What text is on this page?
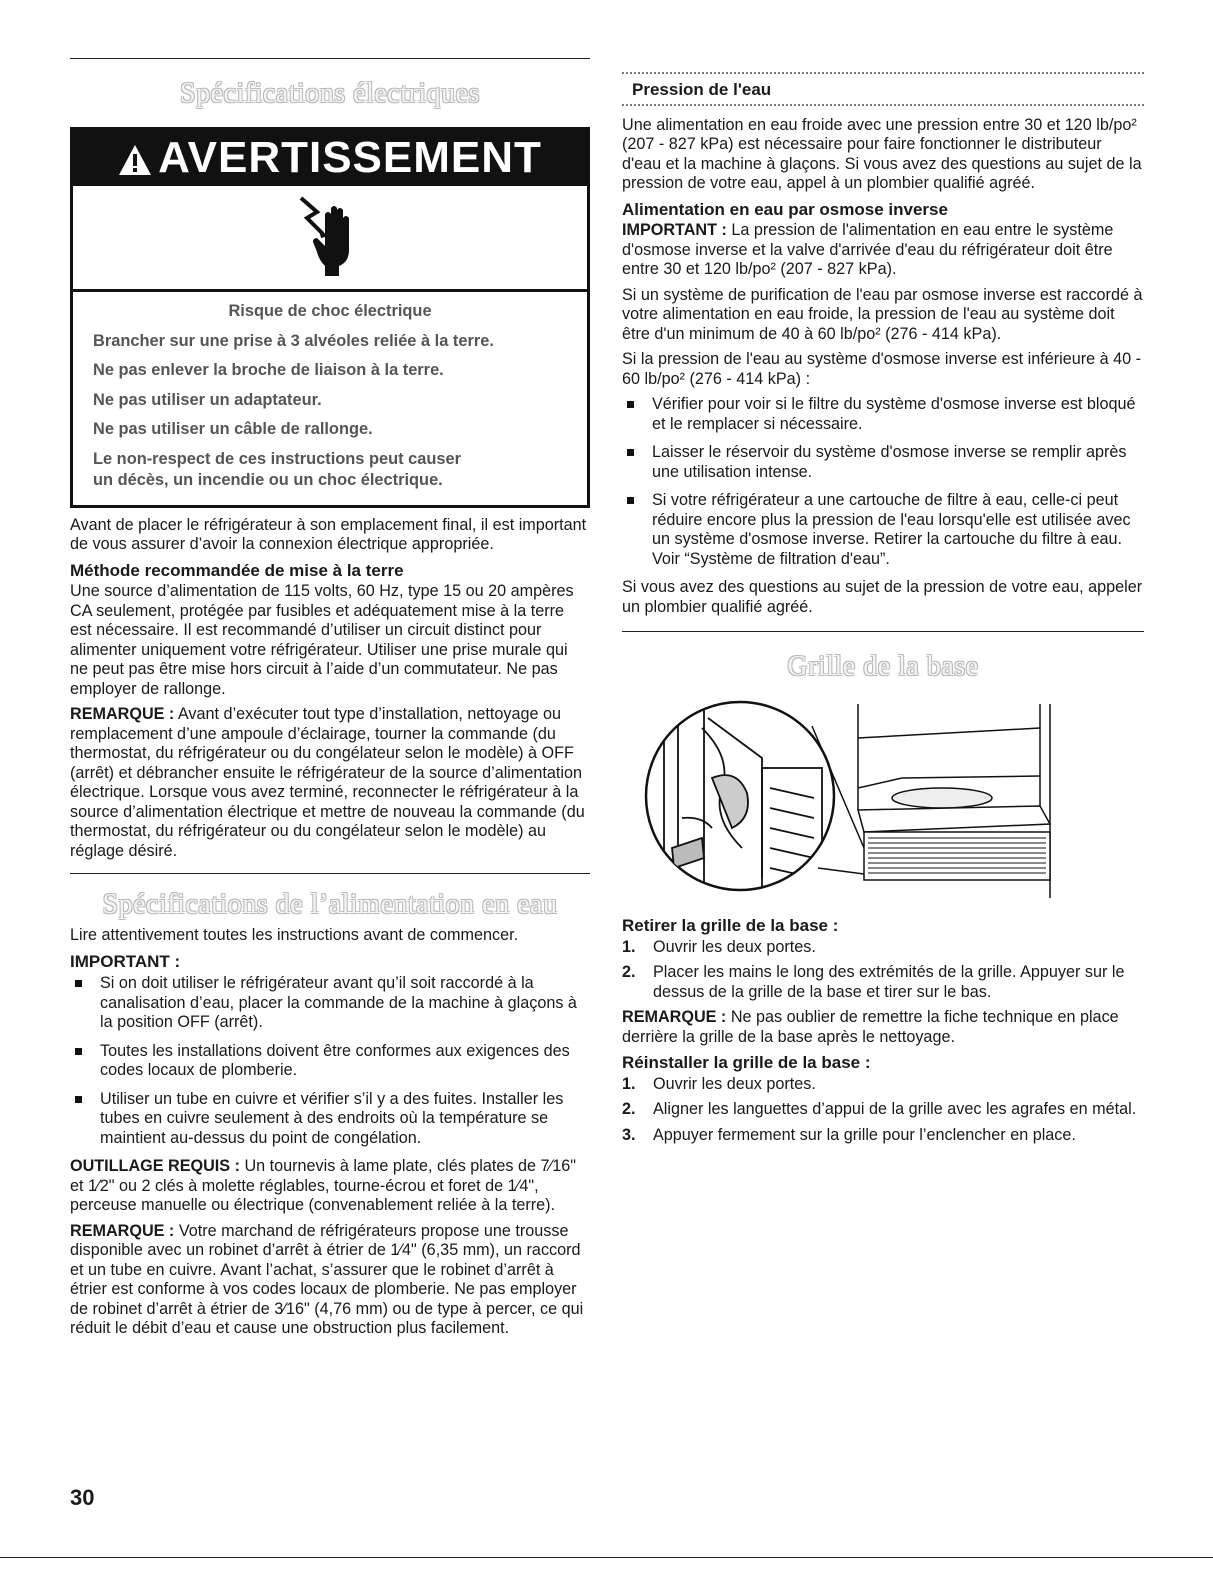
Spécifications électriques
AVERTISSEMENT
Risque de choc électrique
Brancher sur une prise à 3 alvéoles reliée à la terre.
Ne pas enlever la broche de liaison à la terre.
Ne pas utiliser un adaptateur.
Ne pas utiliser un câble de rallonge.
Le non-respect de ces instructions peut causer
un décès, un incendie ou un choc électrique.

Avant de placer le réfrigérateur à son emplacement final, il est important de vous assurer d’avoir la connexion électrique appropriée.

Méthode recommandée de mise à la terre

Une source d’alimentation de 115 volts, 60 Hz, type 15 ou 20 ampères CA seulement, protégée par fusibles et adéquatement mise à la terre est nécessaire. Il est recommandé d’utiliser un circuit distinct pour alimenter uniquement votre réfrigérateur. Utiliser une prise murale qui ne peut pas être mise hors circuit à l’aide d’un commutateur. Ne pas employer de rallonge.

REMARQUE : Avant d’exécuter tout type d’installation, nettoyage ou remplacement d’une ampoule d’éclairage, tourner la commande (du thermostat, du réfrigérateur ou du congélateur selon le modèle) à OFF (arrêt) et débrancher ensuite le réfrigérateur de la source d’alimentation électrique. Lorsque vous avez terminé, reconnecter le réfrigérateur à la source d’alimentation électrique et mettre de nouveau la commande (du thermostat, du réfrigérateur ou du congélateur selon le modèle) au réglage désiré.

Spécifications de l’alimentation en eau

Lire attentivement toutes les instructions avant de commencer.

IMPORTANT :
Si on doit utiliser le réfrigérateur avant qu’il soit raccordé à la canalisation d’eau, placer la commande de la machine à glaçons à la position OFF (arrêt).
Toutes les installations doivent être conformes aux exigences des codes locaux de plomberie.
Utiliser un tube en cuivre et vérifier s’il y a des fuites. Installer les tubes en cuivre seulement à des endroits où la température se maintient au-dessus du point de congélation.

OUTILLAGE REQUIS : Un tournevis à lame plate, clés plates de 7⁄16" et 1⁄2" ou 2 clés à molette réglables, tourne-écrou et foret de 1⁄4", perceuse manuelle ou électrique (convenablement reliée à la terre).

REMARQUE : Votre marchand de réfrigérateurs propose une trousse disponible avec un robinet d’arrêt à étrier de 1⁄4" (6,35 mm), un raccord et un tube en cuivre. Avant l’achat, s’assurer que le robinet d’arrêt à étrier est conforme à vos codes locaux de plomberie. Ne pas employer de robinet d’arrêt à étrier de 3⁄16" (4,76 mm) ou de type à percer, ce qui réduit le débit d’eau et cause une obstruction plus facilement.

Pression de l'eau

Une alimentation en eau froide avec une pression entre 30 et 120 lb/po² (207 - 827 kPa) est nécessaire pour faire fonctionner le distributeur d'eau et la machine à glaçons. Si vous avez des questions au sujet de la pression de votre eau, appel à un plombier qualifié agréé.

Alimentation en eau par osmose inverse

IMPORTANT : La pression de l'alimentation en eau entre le système d'osmose inverse et la valve d'arrivée d'eau du réfrigérateur doit être entre 30 et 120 lb/po² (207 - 827 kPa).

Si un système de purification de l'eau par osmose inverse est raccordé à votre alimentation en eau froide, la pression de l'eau au système doit être d'un minimum de 40 à 60 lb/po² (276 - 414 kPa).

Si la pression de l'eau au système d'osmose inverse est inférieure à 40 - 60 lb/po² (276 - 414 kPa) :

Vérifier pour voir si le filtre du système d'osmose inverse est bloqué et le remplacer si nécessaire.
Laisser le réservoir du système d'osmose inverse se remplir après une utilisation intense.
Si votre réfrigérateur a une cartouche de filtre à eau, celle-ci peut réduire encore plus la pression de l'eau lorsqu'elle est utilisée avec un système d'osmose inverse. Retirer la cartouche du filtre à eau. Voir “Système de filtration d'eau”.

Si vous avez des questions au sujet de la pression de votre eau, appeler un plombier qualifié agréé.

Grille de la base
Retirer la grille de la base :
1. Ouvrir les deux portes.
2. Placer les mains le long des extrémités de la grille. Appuyer sur le dessus de la grille de la base et tirer sur le bas.

REMARQUE : Ne pas oublier de remettre la fiche technique en place derrière la grille de la base après le nettoyage.

Réinstaller la grille de la base :
1. Ouvrir les deux portes.
2. Aligner les languettes d’appui de la grille avec les agrafes en métal.
3. Appuyer fermement sur la grille pour l’enclencher en place.
30
